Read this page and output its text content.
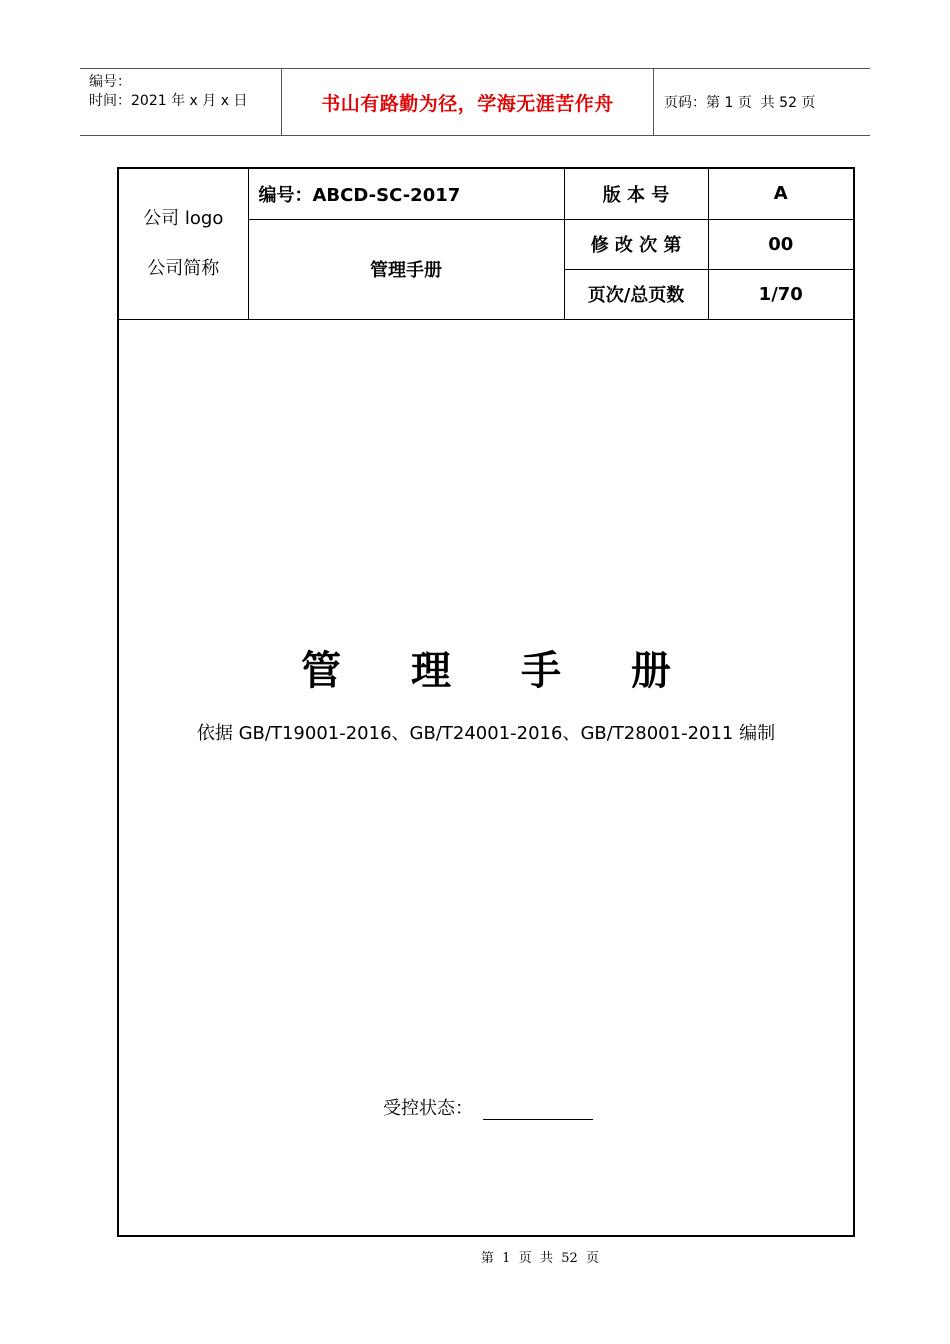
编号：
时间：2021 年 x 月 x 日	书山有路勤为径，学海无涯苦作舟	页码：第 1 页  共 52 页
公司 logo
公司简称	编号：ABCD-SC-2017	版 本 号	A
	管理手册	修 改 次 第	00
		页次/总页数	1/70
管 理 手 册
依据 GB/T19001-2016、GB/T24001-2016、GB/T28001-2011 编制
受控状态：
第  1  页  共  52  页
